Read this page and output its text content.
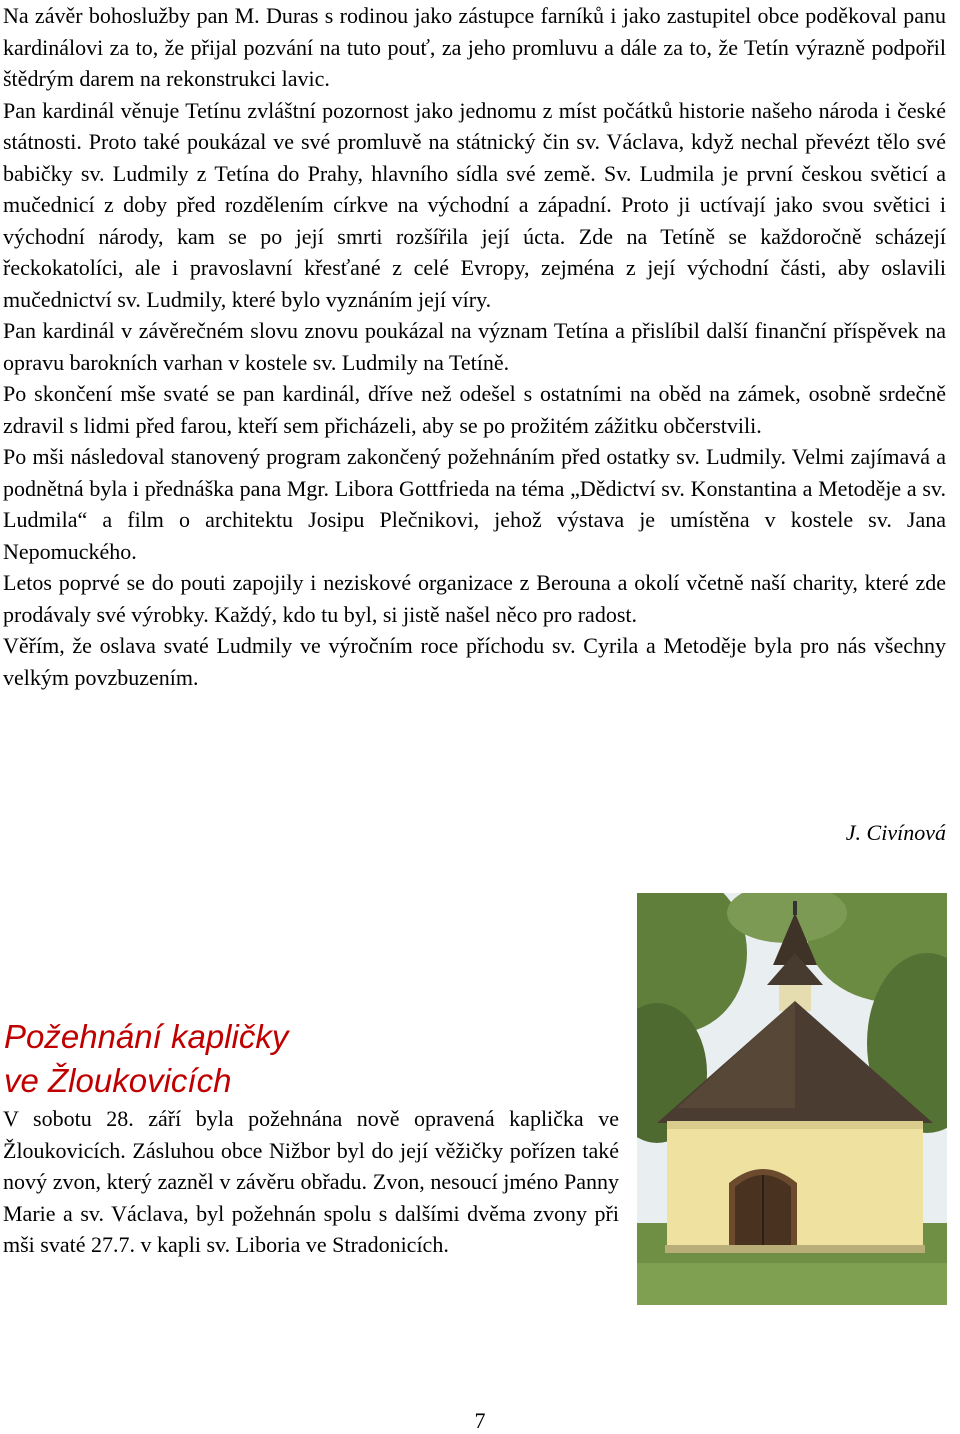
Na závěr bohoslužby pan M. Duras s rodinou jako zástupce farníků i jako zastupitel obce poděkoval panu kardinálovi za to, že přijal pozvání na tuto pouť, za jeho promluvu a dále za to, že Tetín výrazně podpořil štědrým darem na rekonstrukci lavic.

Pan kardinál věnuje Tetínu zvláštní pozornost jako jednomu z míst počátků historie našeho národa i české státnosti. Proto také poukázal ve své promluvě na státnický čin sv. Václava, když nechal převézt tělo své babičky sv. Ludmily z Tetína do Prahy, hlavního sídla své země. Sv. Ludmila je první českou světicí a mučednicí z doby před rozdělením církve na východní a západní. Proto ji uctívají jako svou světici i východní národy, kam se po její smrti rozšířila její úcta. Zde na Tetíně se každoročně scházejí řeckokatolíci, ale i pravoslavní křesťané z celé Evropy, zejména z její východní části, aby oslavili mučednictví sv. Ludmily, které bylo vyznáním její víry.

Pan kardinál v závěrečném slovu znovu poukázal na význam Tetína a přislíbil další finanční příspěvek na opravu barokních varhan v kostele sv. Ludmily na Tetíně.

Po skončení mše svaté se pan kardinál, dříve než odešel s ostatními na oběd na zámek, osobně srdečně zdravil s lidmi před farou, kteří sem přicházeli, aby se po prožitém zážitku občerstvili.

Po mši následoval stanovený program zakončený požehnáním před ostatky sv. Ludmily. Velmi zajímavá a podnětná byla i přednáška pana Mgr. Libora Gottfrieda na téma „Dědictví sv. Konstantina a Metoděje a sv. Ludmila“ a film o architektu Josipu Plečnikovi, jehož výstava je umístěna v kostele sv. Jana Nepomuckého.

Letos poprvé se do pouti zapojily i neziskové organizace z Berouna a okolí včetně naší charity, které zde prodávaly své výrobky. Každý, kdo tu byl, si jistě našel něco pro radost.

Věřím, že oslava svaté Ludmily ve výročním roce příchodu sv. Cyrila a Metoděje byla pro nás všechny velkým povzbuzením.

J. Civínová
Požehnání kapličky
ve Žloukovicích

V sobotu 28. září byla požehnána nově opravená kaplička ve Žloukovicích. Zásluhou obce Nižbor byl do její věžičky pořízen také nový zvon, který zazněl v závěru obřadu. Zvon, nesoucí jméno Panny Marie a sv. Václava, byl požehnán spolu s dalšími dvěma zvony při mši svaté 27.7. v kapli sv. Liboria ve Stradonicích.

7
